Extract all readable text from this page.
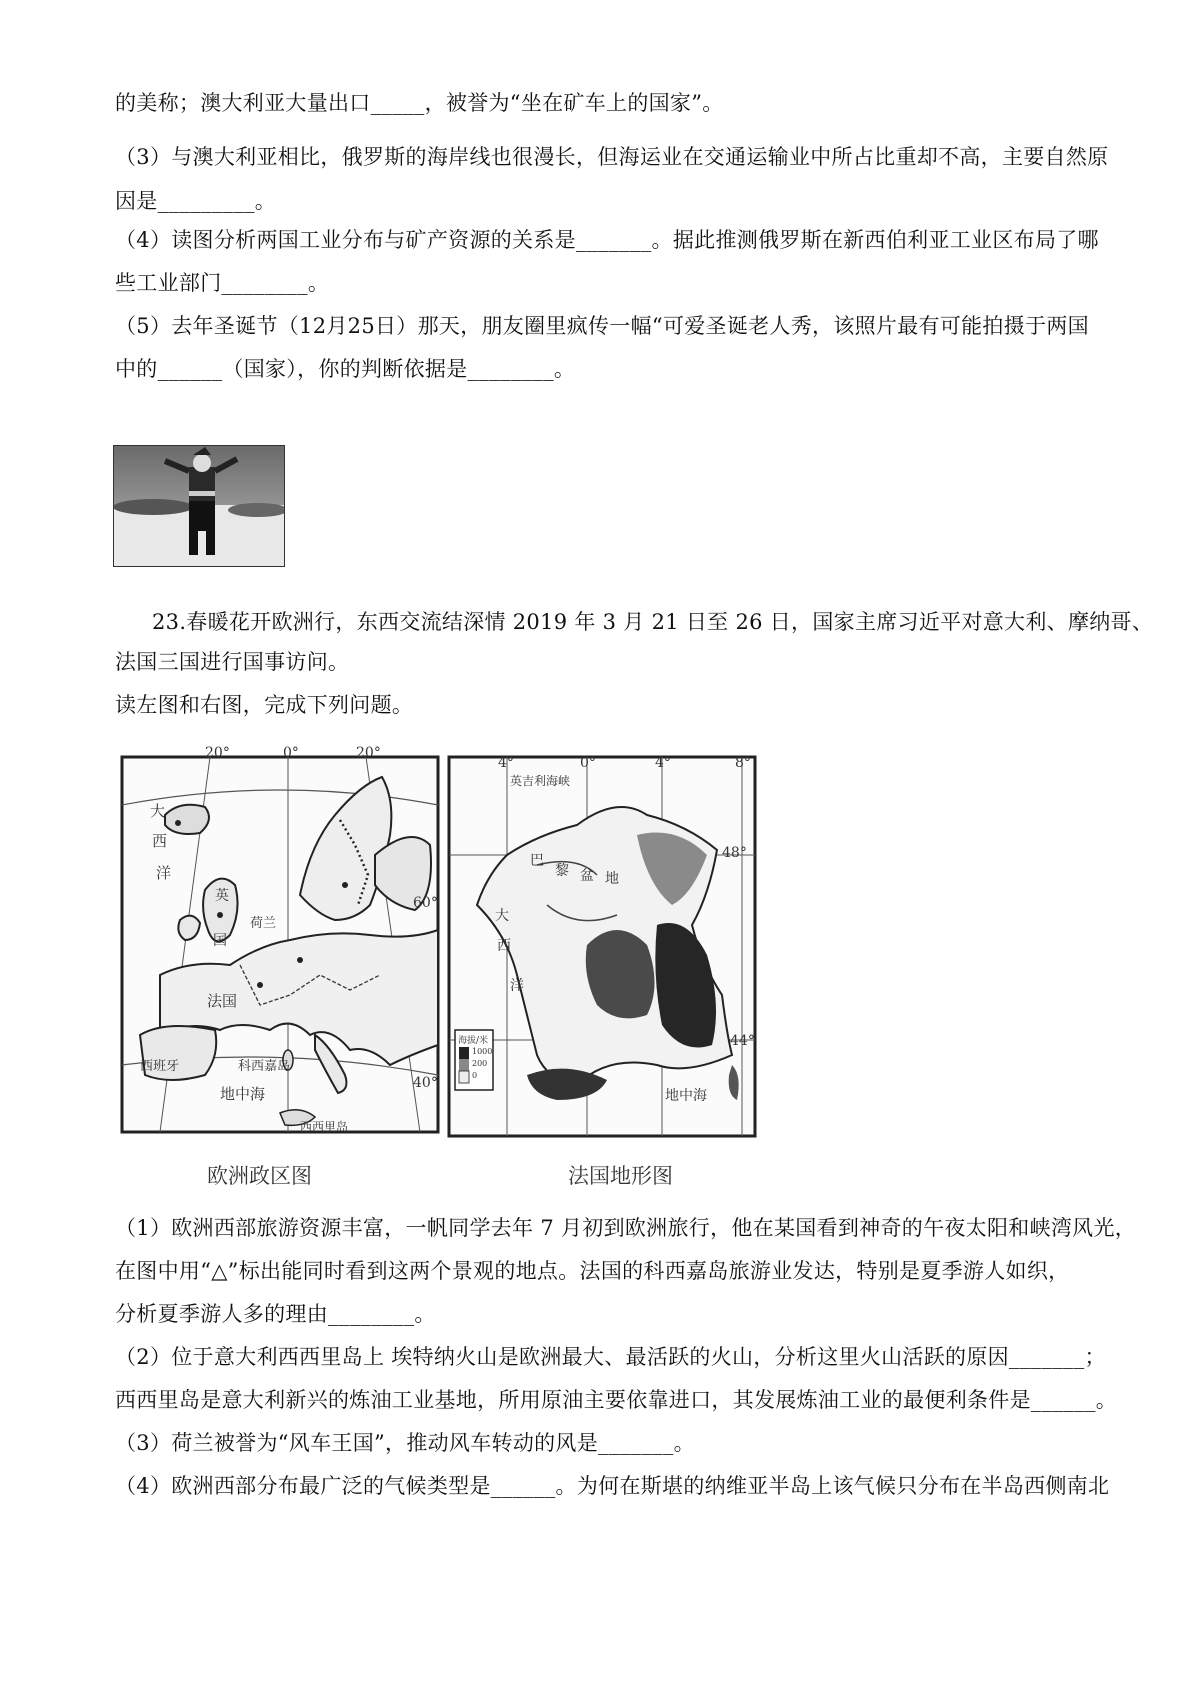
的美称；澳大利亚大量出口_____，被誉为“坐在矿车上的国家”。
（3）与澳大利亚相比，俄罗斯的海岸线也很漫长，但海运业在交通运输业中所占比重却不高，主要自然原
因是_________。
（4）读图分析两国工业分布与矿产资源的关系是_______。据此推测俄罗斯在新西伯利亚工业区布局了哪
些工业部门________。
（5）去年圣诞节（12月25日）那天，朋友圈里疯传一幅“可爱圣诞老人秀，该照片最有可能拍摄于两国
中的______（国家），你的判断依据是________。
23.春暖花开欧洲行，东西交流结深情 2019 年 3 月 21 日至 26 日，国家主席习近平对意大利、摩纳哥、
法国三国进行国事访问。
读左图和右图，完成下列问题。
20°	0°	20°
60°
40°
大
西
洋
英
国
荷兰
法国
西班牙	科西嘉岛
地中海
西西里岛
欧洲政区图
4°	0°	4°	8°
48°
44°
英吉利海峡
巴
黎 盆 地
大
西
洋
地中海
海拔/米
1000
200
0
法国地形图
（1）欧洲西部旅游资源丰富，一帆同学去年 7 月初到欧洲旅行，他在某国看到神奇的午夜太阳和峡湾风光，
在图中用“△”标出能同时看到这两个景观的地点。法国的科西嘉岛旅游业发达，特别是夏季游人如织，
分析夏季游人多的理由________。
（2）位于意大利西西里岛上 埃特纳火山是欧洲最大、最活跃的火山，分析这里火山活跃的原因_______；
西西里岛是意大利新兴的炼油工业基地，所用原油主要依靠进口，其发展炼油工业的最便利条件是______。
（3）荷兰被誉为“风车王国”，推动风车转动的风是_______。
（4）欧洲西部分布最广泛的气候类型是______。为何在斯堪的纳维亚半岛上该气候只分布在半岛西侧南北
